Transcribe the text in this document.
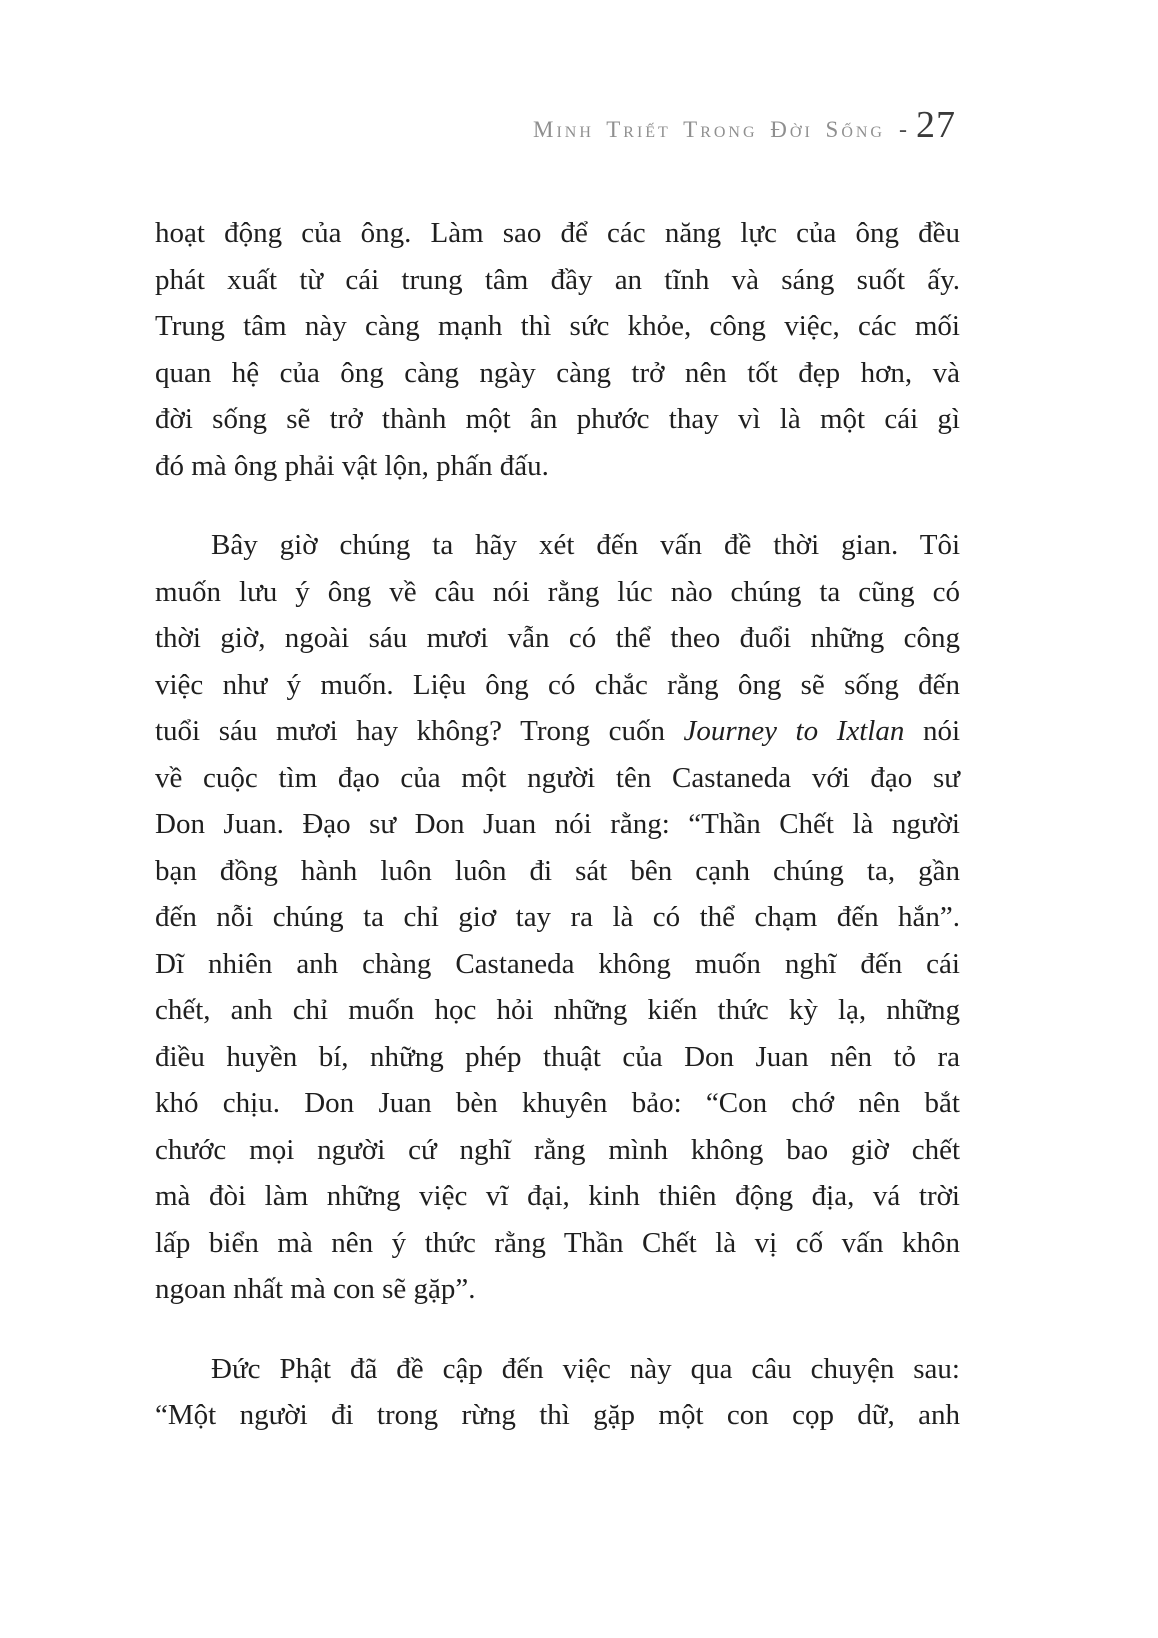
Minh Triết Trong Đời Sống - 27
hoạt động của ông. Làm sao để các năng lực của ông đều
phát xuất từ cái trung tâm đầy an tĩnh và sáng suốt ấy.
Trung tâm này càng mạnh thì sức khỏe, công việc, các mối
quan hệ của ông càng ngày càng trở nên tốt đẹp hơn, và
đời sống sẽ trở thành một ân phước thay vì là một cái gì
đó mà ông phải vật lộn, phấn đấu.
Bây giờ chúng ta hãy xét đến vấn đề thời gian. Tôi
muốn lưu ý ông về câu nói rằng lúc nào chúng ta cũng có
thời giờ, ngoài sáu mươi vẫn có thể theo đuổi những công
việc như ý muốn. Liệu ông có chắc rằng ông sẽ sống đến
tuổi sáu mươi hay không? Trong cuốn Journey to Ixtlan nói
về cuộc tìm đạo của một người tên Castaneda với đạo sư
Don Juan. Đạo sư Don Juan nói rằng: “Thần Chết là người
bạn đồng hành luôn luôn đi sát bên cạnh chúng ta, gần
đến nỗi chúng ta chỉ giơ tay ra là có thể chạm đến hắn”.
Dĩ nhiên anh chàng Castaneda không muốn nghĩ đến cái
chết, anh chỉ muốn học hỏi những kiến thức kỳ lạ, những
điều huyền bí, những phép thuật của Don Juan nên tỏ ra
khó chịu. Don Juan bèn khuyên bảo: “Con chớ nên bắt
chước mọi người cứ nghĩ rằng mình không bao giờ chết
mà đòi làm những việc vĩ đại, kinh thiên động địa, vá trời
lấp biển mà nên ý thức rằng Thần Chết là vị cố vấn khôn
ngoan nhất mà con sẽ gặp”.
Đức Phật đã đề cập đến việc này qua câu chuyện sau:
“Một người đi trong rừng thì gặp một con cọp dữ, anh
